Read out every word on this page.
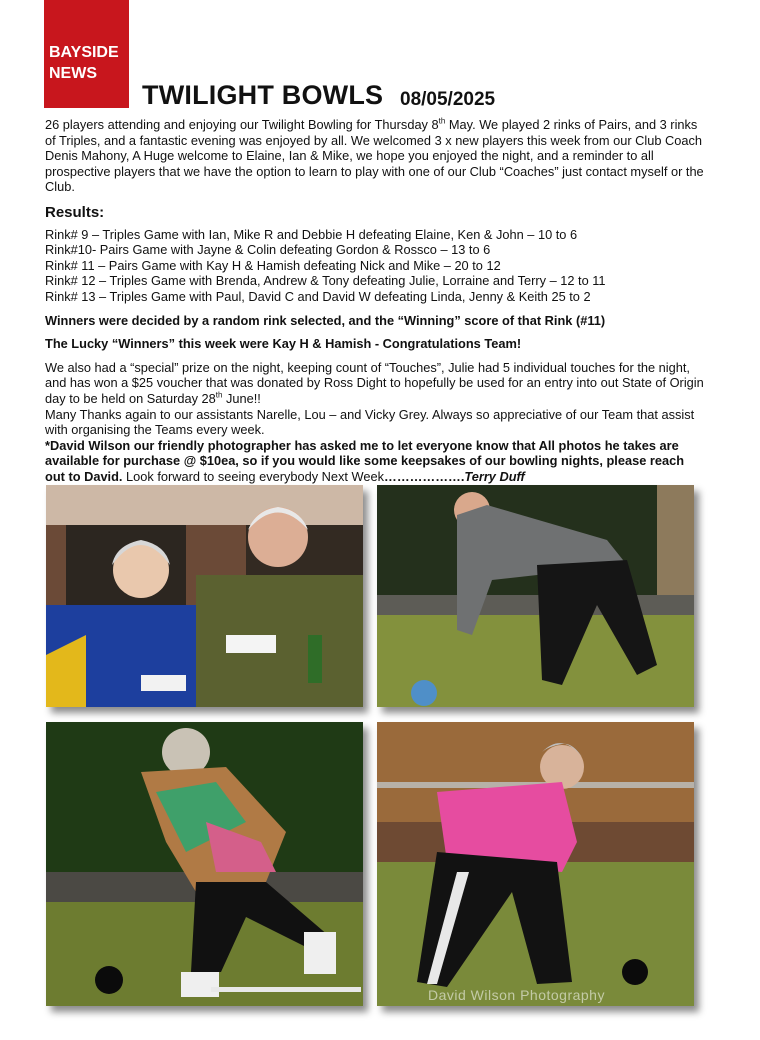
BAYSIDE
NEWS
TWILIGHT BOWLS 08/05/2025

26 players attending and enjoying our Twilight Bowling for Thursday 8th May. We played 2 rinks of Pairs, and 3 rinks of Triples, and a fantastic evening was enjoyed by all. We welcomed 3 x new players this week from our Club Coach Denis Mahony, A Huge welcome to Elaine, Ian & Mike, we hope you enjoyed the night, and a reminder to all prospective players that we have the option to learn to play with one of our Club “Coaches” just contact myself or the Club.

Results:

Rink# 9 – Triples Game with Ian, Mike R and Debbie H defeating Elaine, Ken & John – 10 to 6

Rink#10- Pairs Game with Jayne & Colin defeating Gordon & Rossco – 13 to 6

Rink# 11 – Pairs Game with Kay H & Hamish defeating Nick and Mike – 20 to 12

Rink# 12 – Triples Game with Brenda, Andrew & Tony defeating Julie, Lorraine and Terry – 12 to 11

Rink# 13 – Triples Game with Paul, David C and David W defeating Linda, Jenny & Keith 25 to 2

Winners were decided by a random rink selected, and the “Winning” score of that Rink (#11)

The Lucky “Winners” this week were Kay H & Hamish - Congratulations Team!

We also had a “special” prize on the night, keeping count of “Touches”, Julie had 5 individual touches for the night, and has won a $25 voucher that was donated by Ross Dight to hopefully be used for an entry into out State of Origin day to be held on Saturday 28th June!!

Many Thanks again to our assistants Narelle, Lou – and Vicky Grey. Always so appreciative of our Team that assist with organising the Teams every week.

*David Wilson our friendly photographer has asked me to let everyone know that All photos he takes are available for purchase @ $10ea, so if you would like some keepsakes of our bowling nights, please reach out to David. Look forward to seeing everybody Next Week……………….Terry Duff

David Wilson Photography
